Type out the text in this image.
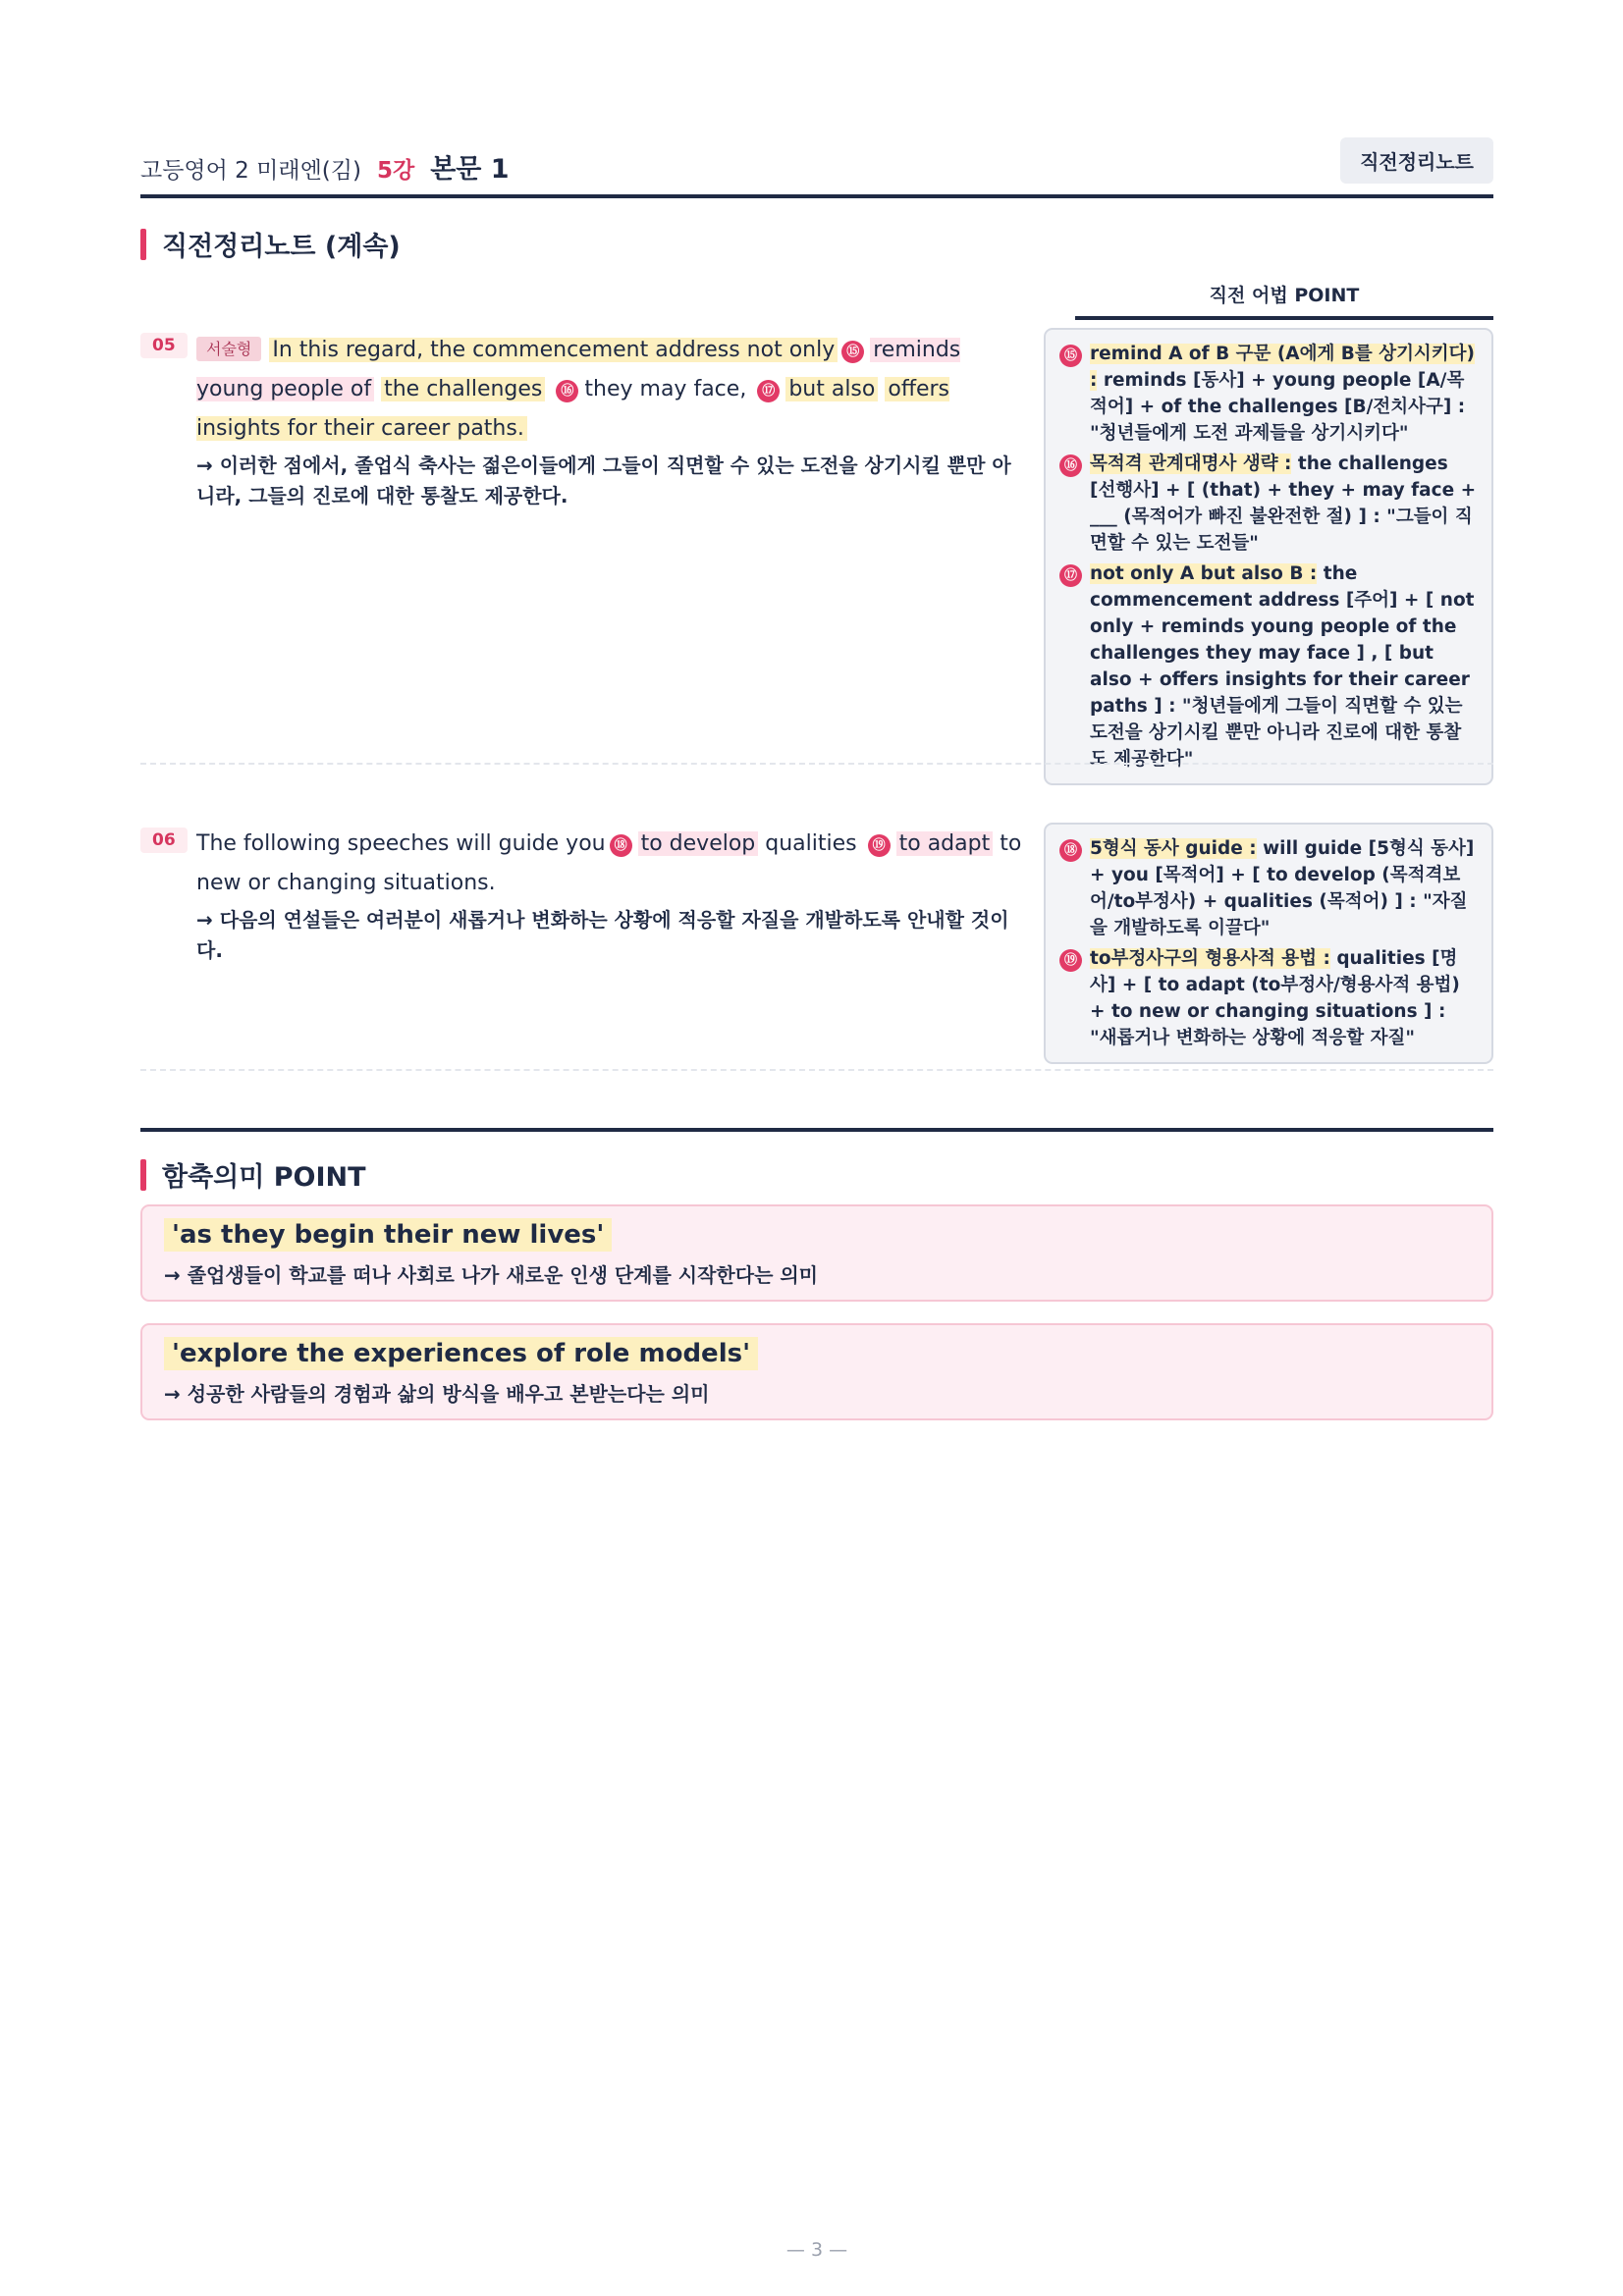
고등영어 2 미래엔(김) 5강 본문 1	직전정리노트
직전정리노트 (계속)
직전 어법 POINT
05	서술형 In this regard, the commencement address not only ⑮ reminds young people of the challenges ⑯ they may face, ⑰ but also offers insights for their career paths.
→ 이러한 점에서, 졸업식 축사는 젊은이들에게 그들이 직면할 수 있는 도전을 상기시킬 뿐만 아니라, 그들의 진로에 대한 통찰도 제공한다.
⑮ remind A of B 구문 (A에게 B를 상기시키다) : reminds [동사] + young people [A/목적어] + of the challenges [B/전치사구] : "청년들에게 도전 과제들을 상기시키다"
⑯ 목적격 관계대명사 생략 : the challenges [선행사] + [ (that) + they + may face + ___ (목적어가 빠진 불완전한 절) ] : "그들이 직면할 수 있는 도전들"
⑰ not only A but also B : the commencement address [주어] + [ not only + reminds young people of the challenges they may face ] , [ but also + offers insights for their career paths ] : "청년들에게 그들이 직면할 수 있는 도전을 상기시킬 뿐만 아니라 진로에 대한 통찰도 제공한다"
06 The following speeches will guide you ⑱ to develop qualities ⑲ to adapt to new or changing situations.
→ 다음의 연설들은 여러분이 새롭거나 변화하는 상황에 적응할 자질을 개발하도록 안내할 것이다.
⑱ 5형식 동사 guide : will guide [5형식 동사] + you [목적어] + [ to develop (목적격보어/to부정사) + qualities (목적어) ] : "자질을 개발하도록 이끌다"
⑲ to부정사구의 형용사적 용법 : qualities [명사] + [ to adapt (to부정사/형용사적 용법) + to new or changing situations ] : "새롭거나 변화하는 상황에 적응할 자질"
함축의미 POINT
'as they begin their new lives'
→ 졸업생들이 학교를 떠나 사회로 나가 새로운 인생 단계를 시작한다는 의미
'explore the experiences of role models'
→ 성공한 사람들의 경험과 삶의 방식을 배우고 본받는다는 의미
— 3 —
